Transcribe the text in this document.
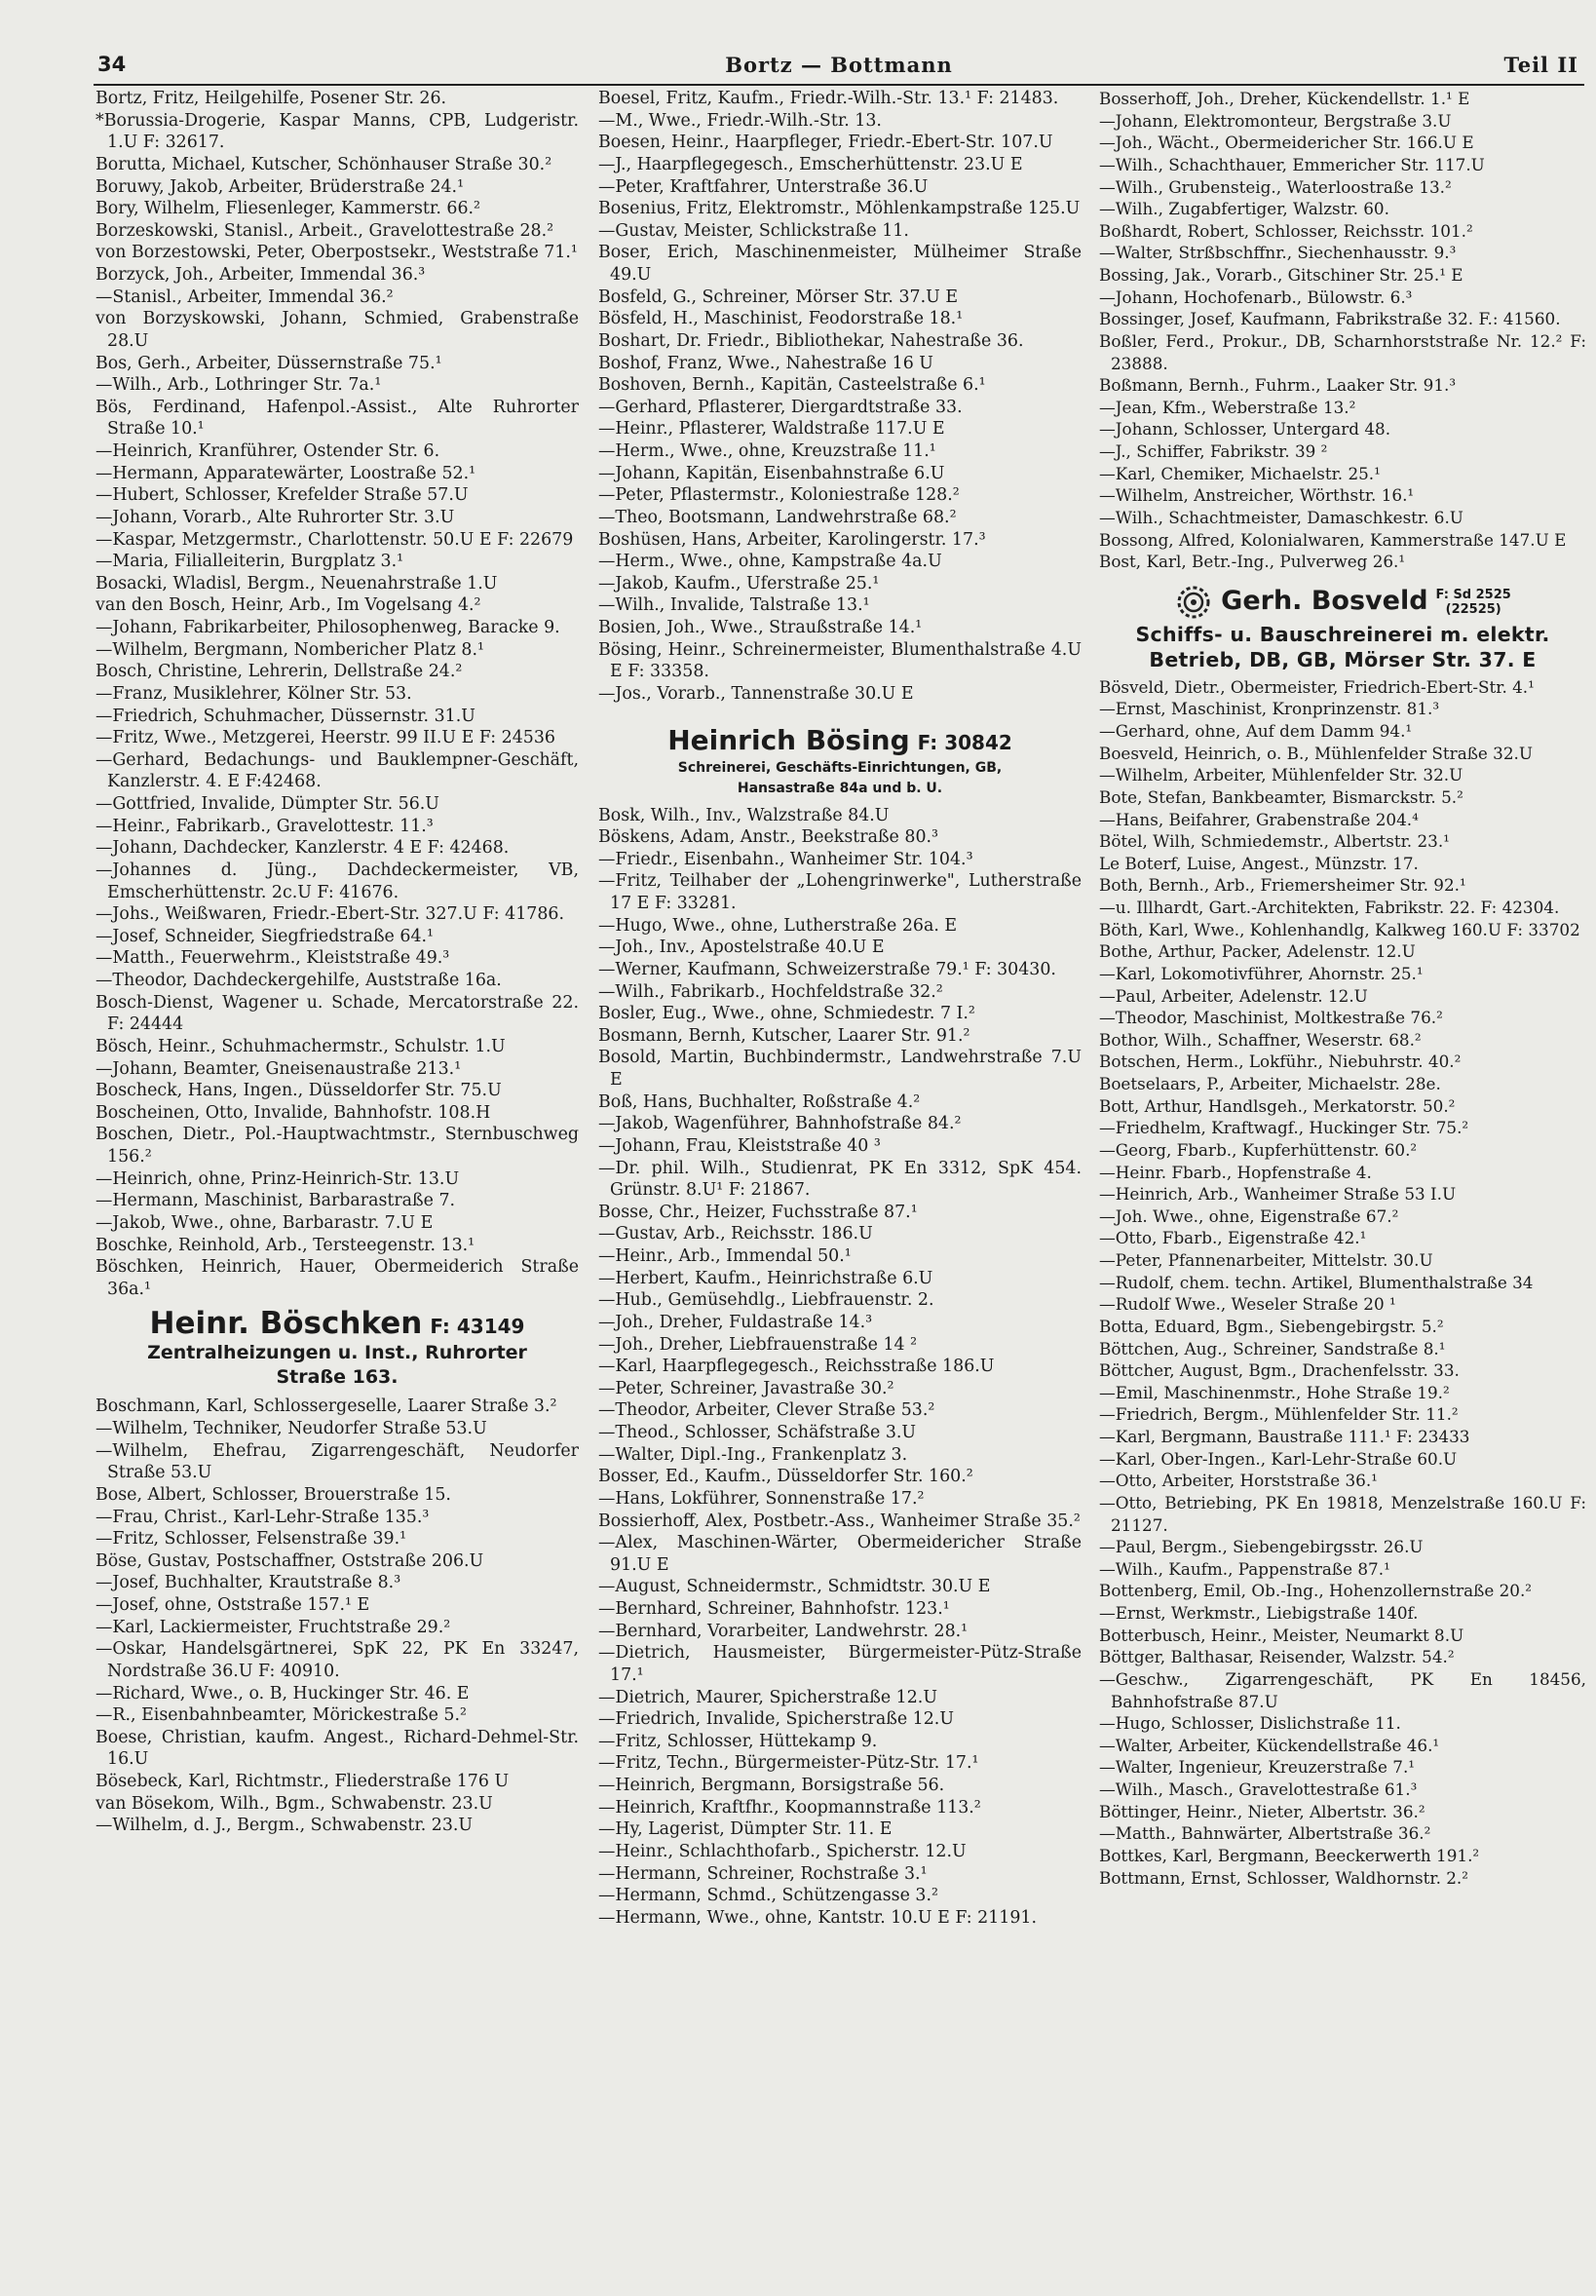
34	Bortz — Bottmann	Teil II

Bortz, Fritz, Heilgehilfe, Posener Str. 26.

*Borussia-Drogerie, Kaspar Manns, CPB, Ludgeristr. 1.U F: 32617.

Borutta, Michael, Kutscher, Schönhauser Straße 30.²

Boruwy, Jakob, Arbeiter, Brüderstraße 24.¹

Bory, Wilhelm, Fliesenleger, Kammerstr. 66.²

Borzeskowski, Stanisl., Arbeit., Gravelottestraße 28.²

von Borzestowski, Peter, Oberpostsekr., Weststraße 71.¹

Borzyck, Joh., Arbeiter, Immendal 36.³

—Stanisl., Arbeiter, Immendal 36.²

von Borzyskowski, Johann, Schmied, Grabenstraße 28.U

Bos, Gerh., Arbeiter, Düssernstraße 75.¹

—Wilh., Arb., Lothringer Str. 7a.¹

Bös, Ferdinand, Hafenpol.-Assist., Alte Ruhrorter Straße 10.¹

—Heinrich, Kranführer, Ostender Str. 6.

—Hermann, Apparatewärter, Loostraße 52.¹

—Hubert, Schlosser, Krefelder Straße 57.U

—Johann, Vorarb., Alte Ruhrorter Str. 3.U

—Kaspar, Metzgermstr., Charlottenstr. 50.U E F: 22679

—Maria, Filialleiterin, Burgplatz 3.¹

Bosacki, Wladisl, Bergm., Neuenahrstraße 1.U

van den Bosch, Heinr, Arb., Im Vogelsang 4.²

—Johann, Fabrikarbeiter, Philosophenweg, Baracke 9.

—Wilhelm, Bergmann, Nombericher Platz 8.¹

Bosch, Christine, Lehrerin, Dellstraße 24.²

—Franz, Musiklehrer, Kölner Str. 53.

—Friedrich, Schuhmacher, Düssernstr. 31.U

—Fritz, Wwe., Metzgerei, Heerstr. 99 II.U E F: 24536

—Gerhard, Bedachungs- und Bauklempner-Geschäft, Kanzlerstr. 4. E F:42468.

—Gottfried, Invalide, Dümpter Str. 56.U

—Heinr., Fabrikarb., Gravelottestr. 11.³

—Johann, Dachdecker, Kanzlerstr. 4 E F: 42468.

—Johannes d. Jüng., Dachdeckermeister, VB, Emscherhüttenstr. 2c.U F: 41676.

—Johs., Weißwaren, Friedr.-Ebert-Str. 327.U F: 41786.

—Josef, Schneider, Siegfriedstraße 64.¹

—Matth., Feuerwehrm., Kleiststraße 49.³

—Theodor, Dachdeckergehilfe, Auststraße 16a.

Bosch-Dienst, Wagener u. Schade, Mercatorstraße 22. F: 24444

Bösch, Heinr., Schuhmachermstr., Schulstr. 1.U

—Johann, Beamter, Gneisenaustraße 213.¹

Boscheck, Hans, Ingen., Düsseldorfer Str. 75.U

Boscheinen, Otto, Invalide, Bahnhofstr. 108.H

Boschen, Dietr., Pol.-Hauptwachtmstr., Sternbuschweg 156.²

—Heinrich, ohne, Prinz-Heinrich-Str. 13.U

—Hermann, Maschinist, Barbarastraße 7.

—Jakob, Wwe., ohne, Barbarastr. 7.U E

Boschke, Reinhold, Arb., Tersteegenstr. 13.¹

Böschken, Heinrich, Hauer, Obermeiderich Straße 36a.¹

Heinr. Böschken F: 43149
Zentralheizungen u. Inst., Ruhrorter
Straße 163.

Boschmann, Karl, Schlossergeselle, Laarer Straße 3.²

—Wilhelm, Techniker, Neudorfer Straße 53.U

—Wilhelm, Ehefrau, Zigarrengeschäft, Neudorfer Straße 53.U

Bose, Albert, Schlosser, Brouerstraße 15.

—Frau, Christ., Karl-Lehr-Straße 135.³

—Fritz, Schlosser, Felsenstraße 39.¹

Böse, Gustav, Postschaffner, Oststraße 206.U

—Josef, Buchhalter, Krautstraße 8.³

—Josef, ohne, Oststraße 157.¹ E

—Karl, Lackiermeister, Fruchtstraße 29.²

—Oskar, Handelsgärtnerei, SpK 22, PK En 33247, Nordstraße 36.U F: 40910.

—Richard, Wwe., o. B, Huckinger Str. 46. E

—R., Eisenbahnbeamter, Mörickestraße 5.²

Boese, Christian, kaufm. Angest., Richard-Dehmel-Str. 16.U

Bösebeck, Karl, Richtmstr., Fliederstraße 176 U

van Bösekom, Wilh., Bgm., Schwabenstr. 23.U

—Wilhelm, d. J., Bergm., Schwabenstr. 23.U

Boesel, Fritz, Kaufm., Friedr.-Wilh.-Str. 13.¹ F: 21483.

—M., Wwe., Friedr.-Wilh.-Str. 13.

Boesen, Heinr., Haarpfleger, Friedr.-Ebert-Str. 107.U

—J., Haarpflegegesch., Emscherhüttenstr. 23.U E

—Peter, Kraftfahrer, Unterstraße 36.U

Bosenius, Fritz, Elektromstr., Möhlenkampstraße 125.U

—Gustav, Meister, Schlickstraße 11.

Boser, Erich, Maschinenmeister, Mülheimer Straße 49.U

Bosfeld, G., Schreiner, Mörser Str. 37.U E

Bösfeld, H., Maschinist, Feodorstraße 18.¹

Boshart, Dr. Friedr., Bibliothekar, Nahestraße 36.

Boshof, Franz, Wwe., Nahestraße 16 U

Boshoven, Bernh., Kapitän, Casteelstraße 6.¹

—Gerhard, Pflasterer, Diergardtstraße 33.

—Heinr., Pflasterer, Waldstraße 117.U E

—Herm., Wwe., ohne, Kreuzstraße 11.¹

—Johann, Kapitän, Eisenbahnstraße 6.U

—Peter, Pflastermstr., Koloniestraße 128.²

—Theo, Bootsmann, Landwehrstraße 68.²

Boshüsen, Hans, Arbeiter, Karolingerstr. 17.³

—Herm., Wwe., ohne, Kampstraße 4a.U

—Jakob, Kaufm., Uferstraße 25.¹

—Wilh., Invalide, Talstraße 13.¹

Bosien, Joh., Wwe., Straußstraße 14.¹

Bösing, Heinr., Schreinermeister, Blumenthalstraße 4.U E F: 33358.

—Jos., Vorarb., Tannenstraße 30.U E

Heinrich Bösing F: 30842
Schreinerei, Geschäfts-Einrichtungen, GB,
Hansastraße 84a und b. U.

Bosk, Wilh., Inv., Walzstraße 84.U

Böskens, Adam, Anstr., Beekstraße 80.³

—Friedr., Eisenbahn., Wanheimer Str. 104.³

—Fritz, Teilhaber der „Lohengrinwerke", Lutherstraße 17 E F: 33281.

—Hugo, Wwe., ohne, Lutherstraße 26a. E

—Joh., Inv., Apostelstraße 40.U E

—Werner, Kaufmann, Schweizerstraße 79.¹ F: 30430.

—Wilh., Fabrikarb., Hochfeldstraße 32.²

Bosler, Eug., Wwe., ohne, Schmiedestr. 7 I.²

Bosmann, Bernh, Kutscher, Laarer Str. 91.²

Bosold, Martin, Buchbindermstr., Landwehrstraße 7.U E

Boß, Hans, Buchhalter, Roßstraße 4.²

—Jakob, Wagenführer, Bahnhofstraße 84.²

—Johann, Frau, Kleiststraße 40 ³

—Dr. phil. Wilh., Studienrat, PK En 3312, SpK 454. Grünstr. 8.U¹ F: 21867.

Bosse, Chr., Heizer, Fuchsstraße 87.¹

—Gustav, Arb., Reichsstr. 186.U

—Heinr., Arb., Immendal 50.¹

—Herbert, Kaufm., Heinrichstraße 6.U

—Hub., Gemüsehdlg., Liebfrauenstr. 2.

—Joh., Dreher, Fuldastraße 14.³

—Joh., Dreher, Liebfrauenstraße 14 ²

—Karl, Haarpflegegesch., Reichsstraße 186.U

—Peter, Schreiner, Javastraße 30.²

—Theodor, Arbeiter, Clever Straße 53.²

—Theod., Schlosser, Schäfstraße 3.U

—Walter, Dipl.-Ing., Frankenplatz 3.

Bosser, Ed., Kaufm., Düsseldorfer Str. 160.²

—Hans, Lokführer, Sonnenstraße 17.²

Bossierhoff, Alex, Postbetr.-Ass., Wanheimer Straße 35.²

—Alex, Maschinen-Wärter, Obermeidericher Straße 91.U E

—August, Schneidermstr., Schmidtstr. 30.U E

—Bernhard, Schreiner, Bahnhofstr. 123.¹

—Bernhard, Vorarbeiter, Landwehrstr. 28.¹

—Dietrich, Hausmeister, Bürgermeister-Pütz-Straße 17.¹

—Dietrich, Maurer, Spicherstraße 12.U

—Friedrich, Invalide, Spicherstraße 12.U

—Fritz, Schlosser, Hüttekamp 9.

—Fritz, Techn., Bürgermeister-Pütz-Str. 17.¹

—Heinrich, Bergmann, Borsigstraße 56.

—Heinrich, Kraftfhr., Koopmannstraße 113.²

—Hy, Lagerist, Dümpter Str. 11. E

—Heinr., Schlachthofarb., Spicherstr. 12.U

—Hermann, Schreiner, Rochstraße 3.¹

—Hermann, Schmd., Schützengasse 3.²

—Hermann, Wwe., ohne, Kantstr. 10.U E F: 21191.

Bosserhoff, Joh., Dreher, Kückendellstr. 1.¹ E

—Johann, Elektromonteur, Bergstraße 3.U

—Joh., Wächt., Obermeidericher Str. 166.U E

—Wilh., Schachthauer, Emmericher Str. 117.U

—Wilh., Grubensteig., Waterloostraße 13.²

—Wilh., Zugabfertiger, Walzstr. 60.

Boßhardt, Robert, Schlosser, Reichsstr. 101.²

—Walter, Strßbschffnr., Siechenhausstr. 9.³

Bossing, Jak., Vorarb., Gitschiner Str. 25.¹ E

—Johann, Hochofenarb., Bülowstr. 6.³

Bossinger, Josef, Kaufmann, Fabrikstraße 32. F.: 41560.

Boßler, Ferd., Prokur., DB, Scharnhorststraße Nr. 12.² F: 23888.

Boßmann, Bernh., Fuhrm., Laaker Str. 91.³

—Jean, Kfm., Weberstraße 13.²

—Johann, Schlosser, Untergard 48.

—J., Schiffer, Fabrikstr. 39 ²

—Karl, Chemiker, Michaelstr. 25.¹

—Wilhelm, Anstreicher, Wörthstr. 16.¹

—Wilh., Schachtmeister, Damaschkestr. 6.U

Bossong, Alfred, Kolonialwaren, Kammerstraße 147.U E

Bost, Karl, Betr.-Ing., Pulverweg 26.¹

Gerh. Bosveld F: Sd 2525
(22525)
Schiffs- u. Bauschreinerei m. elektr.
Betrieb, DB, GB, Mörser Str. 37. E

Bösveld, Dietr., Obermeister, Friedrich-Ebert-Str. 4.¹

—Ernst, Maschinist, Kronprinzenstr. 81.³

—Gerhard, ohne, Auf dem Damm 94.¹

Boesveld, Heinrich, o. B., Mühlenfelder Straße 32.U

—Wilhelm, Arbeiter, Mühlenfelder Str. 32.U

Bote, Stefan, Bankbeamter, Bismarckstr. 5.²

—Hans, Beifahrer, Grabenstraße 204.⁴

Bötel, Wilh, Schmiedemstr., Albertstr. 23.¹

Le Boterf, Luise, Angest., Münzstr. 17.

Both, Bernh., Arb., Friemersheimer Str. 92.¹

—u. Illhardt, Gart.-Architekten, Fabrikstr. 22. F: 42304.

Böth, Karl, Wwe., Kohlenhandlg, Kalkweg 160.U F: 33702

Bothe, Arthur, Packer, Adelenstr. 12.U

—Karl, Lokomotivführer, Ahornstr. 25.¹

—Paul, Arbeiter, Adelenstr. 12.U

—Theodor, Maschinist, Moltkestraße 76.²

Bothor, Wilh., Schaffner, Weserstr. 68.²

Botschen, Herm., Lokführ., Niebuhrstr. 40.²

Boetselaars, P., Arbeiter, Michaelstr. 28e.

Bott, Arthur, Handlsgeh., Merkatorstr. 50.²

—Friedhelm, Kraftwagf., Huckinger Str. 75.²

—Georg, Fbarb., Kupferhüttenstr. 60.²

—Heinr. Fbarb., Hopfenstraße 4.

—Heinrich, Arb., Wanheimer Straße 53 I.U

—Joh. Wwe., ohne, Eigenstraße 67.²

—Otto, Fbarb., Eigenstraße 42.¹

—Peter, Pfannenarbeiter, Mittelstr. 30.U

—Rudolf, chem. techn. Artikel, Blumenthalstraße 34

—Rudolf Wwe., Weseler Straße 20 ¹

Botta, Eduard, Bgm., Siebengebirgstr. 5.²

Böttchen, Aug., Schreiner, Sandstraße 8.¹

Böttcher, August, Bgm., Drachenfelsstr. 33.

—Emil, Maschinenmstr., Hohe Straße 19.²

—Friedrich, Bergm., Mühlenfelder Str. 11.²

—Karl, Bergmann, Baustraße 111.¹ F: 23433

—Karl, Ober-Ingen., Karl-Lehr-Straße 60.U

—Otto, Arbeiter, Horststraße 36.¹

—Otto, Betriebing, PK En 19818, Menzelstraße 160.U F: 21127.

—Paul, Bergm., Siebengebirgsstr. 26.U

—Wilh., Kaufm., Pappenstraße 87.¹

Bottenberg, Emil, Ob.-Ing., Hohenzollernstraße 20.²

—Ernst, Werkmstr., Liebigstraße 140f.

Botterbusch, Heinr., Meister, Neumarkt 8.U

Böttger, Balthasar, Reisender, Walzstr. 54.²

—Geschw., Zigarrengeschäft, PK En 18456, Bahnhofstraße 87.U

—Hugo, Schlosser, Dislichstraße 11.

—Walter, Arbeiter, Kückendellstraße 46.¹

—Walter, Ingenieur, Kreuzerstraße 7.¹

—Wilh., Masch., Gravelottestraße 61.³

Böttinger, Heinr., Nieter, Albertstr. 36.²

—Matth., Bahnwärter, Albertstraße 36.²

Bottkes, Karl, Bergmann, Beeckerwerth 191.²

Bottmann, Ernst, Schlosser, Waldhornstr. 2.²
